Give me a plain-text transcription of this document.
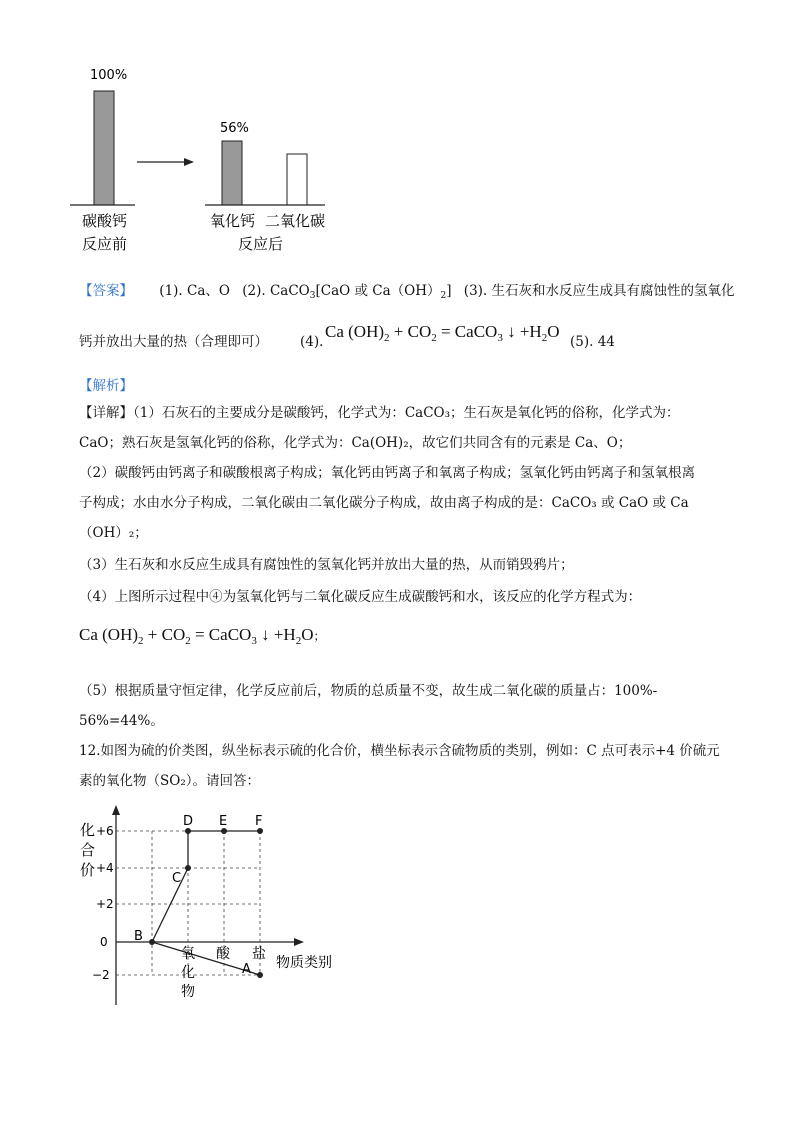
100%
56%
碳酸钙
反应前
氧化钙 二氧化碳
反应后
【答案】 (1). Ca、O (2). CaCO$_3$[CaO 或 $Ca(OH)_2$] (3). 生石灰和水反应生成具有腐蚀性的氢氧化
钙并放出大量的热（合理即可） (4).
Ca $(OH)_2 + CO_2$ = CaCO$_3$ ↓ $+H_2O$
(5). 44
【解析】
【详解】（1）石灰石的主要成分是碳酸钙，化学式为：CaCO₃；生石灰是氧化钙的俗称，化学式为：
CaO；熟石灰是氢氧化钙的俗称，化学式为：Ca(OH)₂，故它们共同含有的元素是 Ca、O；
（2）碳酸钙由钙离子和碳酸根离子构成；氧化钙由钙离子和氧离子构成；氢氧化钙由钙离子和氢氧根离
子构成；水由水分子构成，二氧化碳由二氧化碳分子构成，故由离子构成的是：CaCO₃ 或 CaO 或 Ca
（OH）₂；
（3）生石灰和水反应生成具有腐蚀性的氢氧化钙并放出大量的热，从而销毁鸦片；
（4）上图所示过程中④为氢氧化钙与二氧化碳反应生成碳酸钙和水，该反应的化学方程式为：
Ca $(OH)_2 + CO_2$ = CaCO$_3$ ↓ $+H_2O$；
（5）根据质量守恒定律，化学反应前后，物质的总质量不变，故生成二氧化碳的质量占：100%-
56%=44%。
12.如图为硫的价类图，纵坐标表示硫的化合价，横坐标表示含硫物质的类别，例如：C 点可表示+4 价硫元
素的氧化物（SO₂）。请回答：
D E F
C
B
A
化
合
价
+6
+4
+2
0
−2
氧
化
物
酸 盐
物质类别
